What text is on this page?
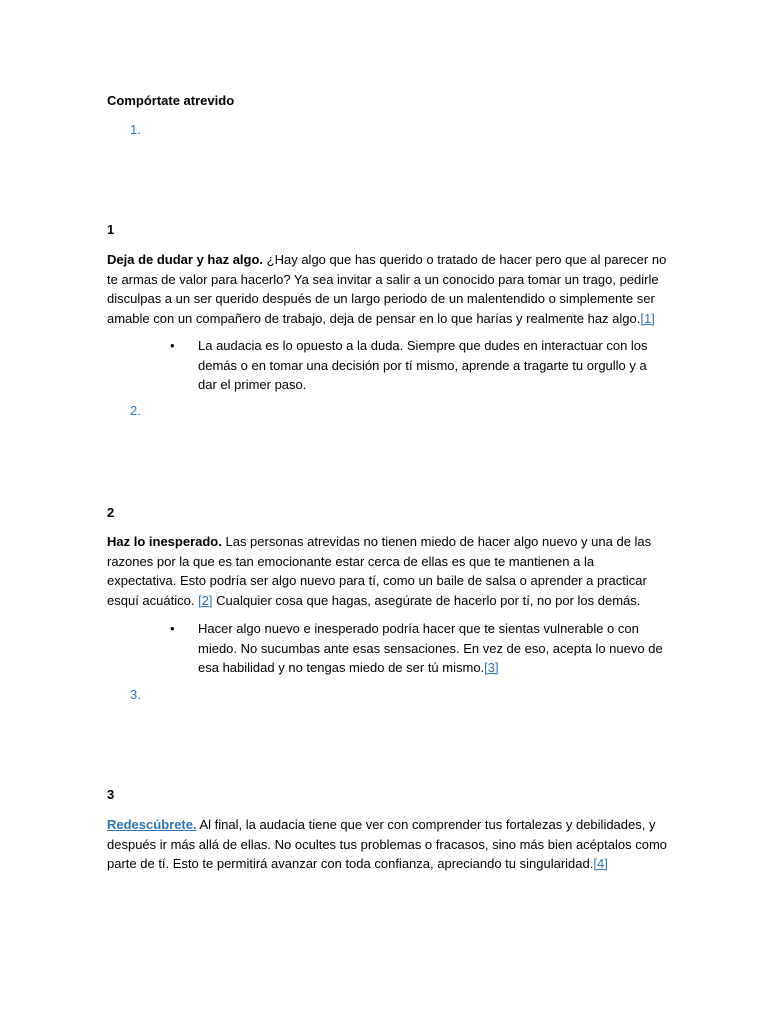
Compórtate atrevido
1.
1
Deja de dudar y haz algo. ¿Hay algo que has querido o tratado de hacer pero que al parecer no te armas de valor para hacerlo? Ya sea invitar a salir a un conocido para tomar un trago, pedirle disculpas a un ser querido después de un largo periodo de un malentendido o simplemente ser amable con un compañero de trabajo, deja de pensar en lo que harías y realmente haz algo.[1]
• La audacia es lo opuesto a la duda. Siempre que dudes en interactuar con los demás o en tomar una decisión por tí mismo, aprende a tragarte tu orgullo y a dar el primer paso.
2.
2
Haz lo inesperado. Las personas atrevidas no tienen miedo de hacer algo nuevo y una de las razones por la que es tan emocionante estar cerca de ellas es que te mantienen a la expectativa. Esto podría ser algo nuevo para tí, como un baile de salsa o aprender a practicar esquí acuático. [2] Cualquier cosa que hagas, asegúrate de hacerlo por tí, no por los demás.
• Hacer algo nuevo e inesperado podría hacer que te sientas vulnerable o con miedo. No sucumbas ante esas sensaciones. En vez de eso, acepta lo nuevo de esa habilidad y no tengas miedo de ser tú mismo.[3]
3.
3
Redescúbrete. Al final, la audacia tiene que ver con comprender tus fortalezas y debilidades, y después ir más allá de ellas. No ocultes tus problemas o fracasos, sino más bien acéptalos como parte de tí. Esto te permitirá avanzar con toda confianza, apreciando tu singularidad.[4]
